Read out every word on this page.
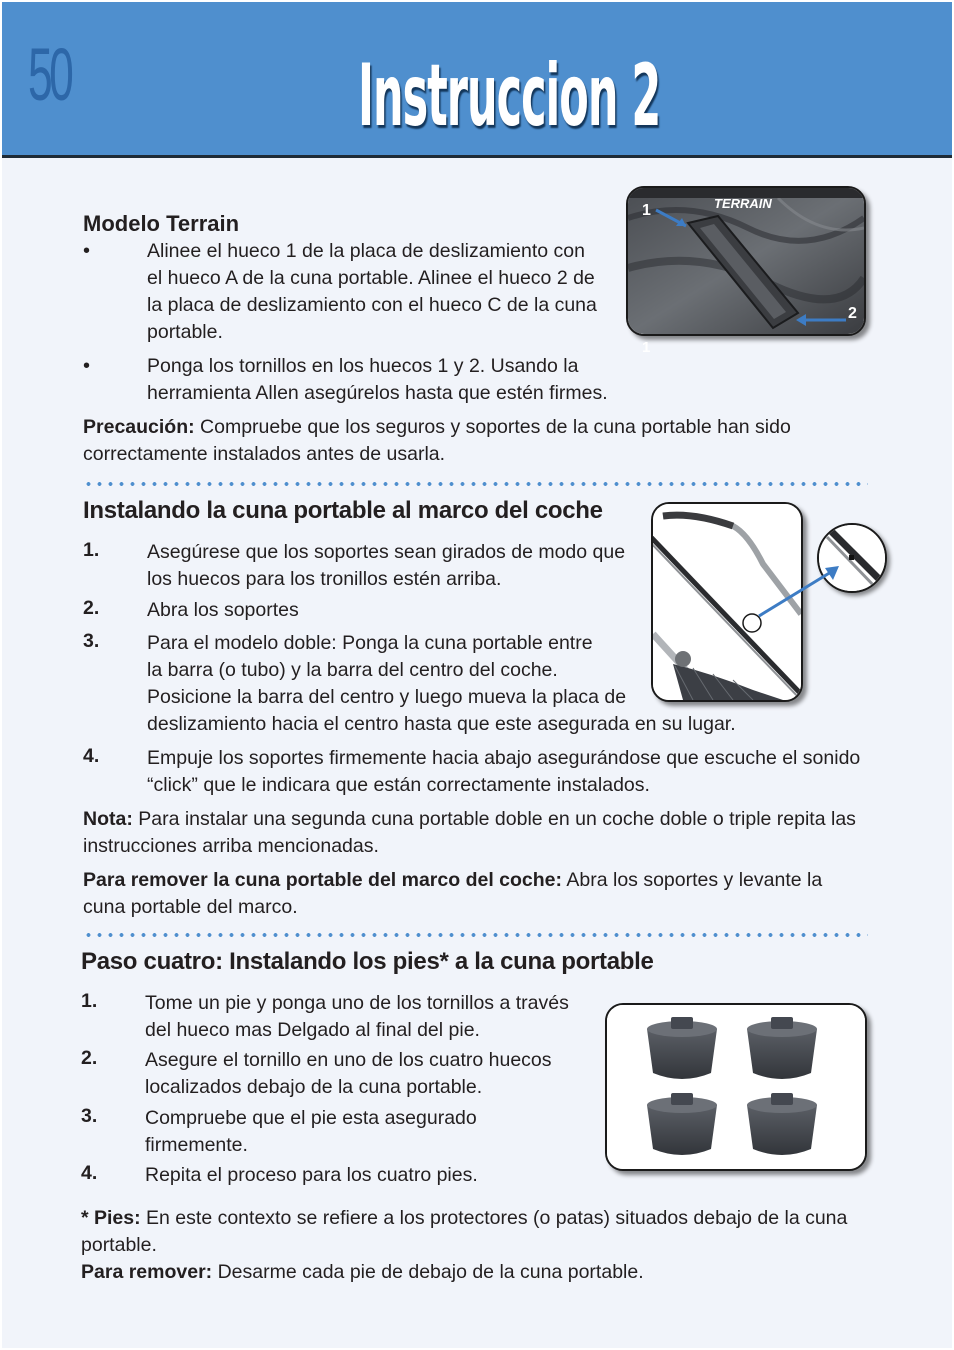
50	Instruccion 2
Modelo Terrain
•	Alinee el hueco 1 de la placa de deslizamiento con
el hueco A de la cuna portable. Alinee el hueco 2 de
la placa de deslizamiento con el hueco C de la cuna
portable.
•	Ponga los tornillos en los huecos 1 y 2. Usando la
herramienta Allen asegúrelos hasta que estén firmes.
Precaución: Compruebe que los seguros y soportes de la cuna portable han sido
correctamente instalados antes de usarla.
TERRAIN
1
2
1
Instalando la cuna portable al marco del coche
1. Asegúrese que los soportes sean girados de modo que
los huecos para los tronillos estén arriba.
2. Abra los soportes
3. Para el modelo doble: Ponga la cuna portable entre
la barra (o tubo) y la barra del centro del coche.
Posicione la barra del centro y luego mueva la placa de
deslizamiento hacia el centro hasta que este asegurada en su lugar.
4. Empuje los soportes firmemente hacia abajo asegurándose que escuche el sonido
“click” que le indicara que están correctamente instalados.
Nota: Para instalar una segunda cuna portable doble en un coche doble o triple repita las
instrucciones arriba mencionadas.
Para remover la cuna portable del marco del coche: Abra los soportes y levante la
cuna portable del marco.
Paso cuatro: Instalando los pies* a la cuna portable
1. Tome un pie y ponga uno de los tornillos a través
del hueco mas Delgado al final del pie.
2. Asegure el tornillo en uno de los cuatro huecos
localizados debajo de la cuna portable.
3. Compruebe que el pie esta asegurado
firmemente.
4. Repita el proceso para los cuatro pies.
* Pies: En este contexto se refiere a los protectores (o patas) situados debajo de la cuna
portable.
Para remover: Desarme cada pie de debajo de la cuna portable.
